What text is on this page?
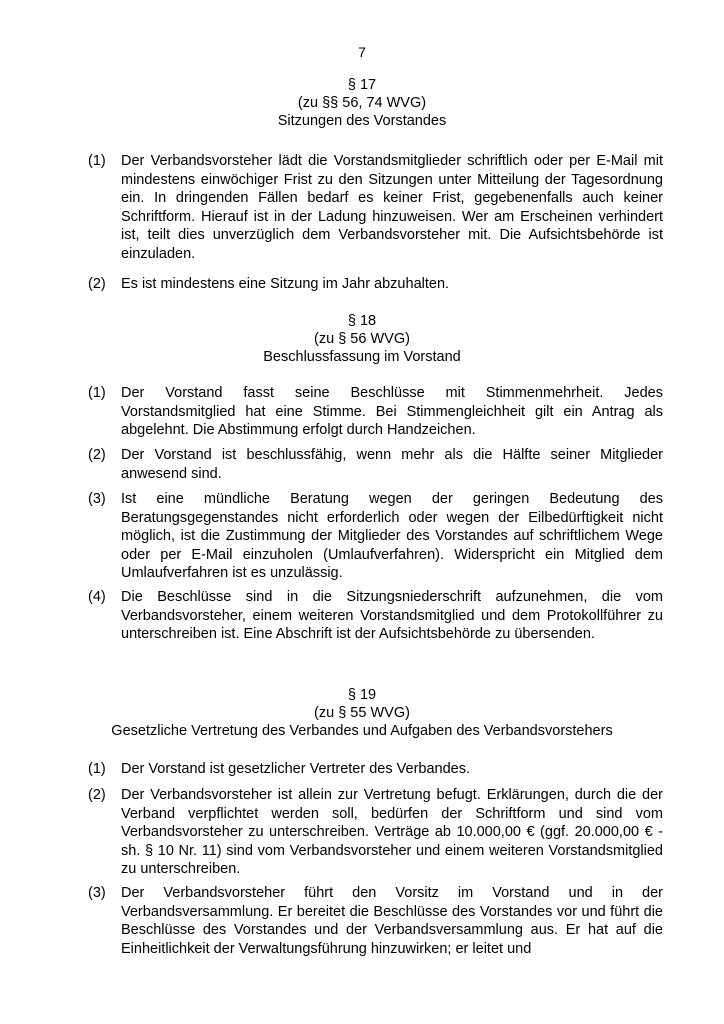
7
§ 17
(zu §§ 56, 74 WVG)
Sitzungen des Vorstandes
(1)	Der Verbandsvorsteher lädt die Vorstandsmitglieder schriftlich oder per E-Mail mit mindestens einwöchiger Frist zu den Sitzungen unter Mitteilung der Tagesordnung ein. In dringenden Fällen bedarf es keiner Frist, gegebenenfalls auch keiner Schriftform. Hierauf ist in der Ladung hinzuweisen. Wer am Erscheinen verhindert ist, teilt dies unverzüglich dem Verbandsvorsteher mit. Die Aufsichtsbehörde ist einzuladen.
(2)	Es ist mindestens eine Sitzung im Jahr abzuhalten.
§ 18
(zu § 56 WVG)
Beschlussfassung im Vorstand
(1)	Der Vorstand fasst seine Beschlüsse mit Stimmenmehrheit. Jedes Vorstandsmitglied hat eine Stimme. Bei Stimmengleichheit gilt ein Antrag als abgelehnt. Die Abstimmung erfolgt durch Handzeichen.
(2)	Der Vorstand ist beschlussfähig, wenn mehr als die Hälfte seiner Mitglieder anwesend sind.
(3)	Ist eine mündliche Beratung wegen der geringen Bedeutung des Beratungsgegenstandes nicht erforderlich oder wegen der Eilbedürftigkeit nicht möglich, ist die Zustimmung der Mitglieder des Vorstandes auf schriftlichem Wege oder per E-Mail einzuholen (Umlaufverfahren). Widerspricht ein Mitglied dem Umlaufverfahren ist es unzulässig.
(4)	Die Beschlüsse sind in die Sitzungsniederschrift aufzunehmen, die vom Verbandsvorsteher, einem weiteren Vorstandsmitglied und dem Protokollführer zu unterschreiben ist. Eine Abschrift ist der Aufsichtsbehörde zu übersenden.
§ 19
(zu § 55 WVG)
Gesetzliche Vertretung des Verbandes und Aufgaben des Verbandsvorstehers
(1)	Der Vorstand ist gesetzlicher Vertreter des Verbandes.
(2)	Der Verbandsvorsteher ist allein zur Vertretung befugt. Erklärungen, durch die der Verband verpflichtet werden soll, bedürfen der Schriftform und sind vom Verbandsvorsteher zu unterschreiben. Verträge ab 10.000,00 € (ggf. 20.000,00 € - sh. § 10 Nr. 11) sind vom Verbandsvorsteher und einem weiteren Vorstandsmitglied zu unterschreiben.
(3)	Der Verbandsvorsteher führt den Vorsitz im Vorstand und in der Verbandsversammlung. Er bereitet die Beschlüsse des Vorstandes vor und führt die Beschlüsse des Vorstandes und der Verbandsversammlung aus. Er hat auf die Einheitlichkeit der Verwaltungsführung hinzuwirken; er leitet und
